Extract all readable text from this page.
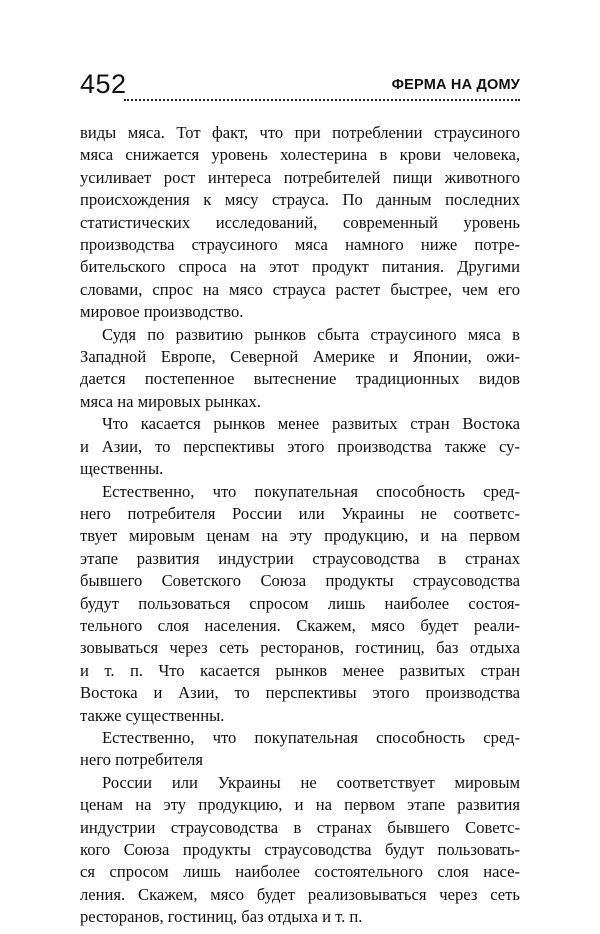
452	ФЕРМА НА ДОМУ
виды мяса. Тот факт, что при потреблении страусиного
мяса снижается уровень холестерина в крови человека,
усиливает рост интереса потребителей пищи животного
происхождения к мясу страуса. По данным последних
статистических исследований, современный уровень
производства страусиного мяса намного ниже потре-
бительского спроса на этот продукт питания. Другими
словами, спрос на мясо страуса растет быстрее, чем его
мировое производство.
Судя по развитию рынков сбыта страусиного мяса в
Западной Европе, Северной Америке и Японии, ожи-
дается постепенное вытеснение традиционных видов
мяса на мировых рынках.
Что касается рынков менее развитых стран Востока
и Азии, то перспективы этого производства также су-
щественны.
Естественно, что покупательная способность сред-
него потребителя России или Украины не соответс-
твует мировым ценам на эту продукцию, и на первом
этапе развития индустрии страусоводства в странах
бывшего Советского Союза продукты страусоводства
будут пользоваться спросом лишь наиболее состоя-
тельного слоя населения. Скажем, мясо будет реали-
зовываться через сеть ресторанов, гостиниц, баз отдыха
и т. п. Что касается рынков менее развитых стран
Востока и Азии, то перспективы этого производства
также существенны.
Естественно, что покупательная способность сред-
него потребителя
России или Украины не соответствует мировым
ценам на эту продукцию, и на первом этапе развития
индустрии страусоводства в странах бывшего Советс-
кого Союза продукты страусоводства будут пользовать-
ся спросом лишь наиболее состоятельного слоя насе-
ления. Скажем, мясо будет реализовываться через сеть
ресторанов, гостиниц, баз отдыха и т. п.
